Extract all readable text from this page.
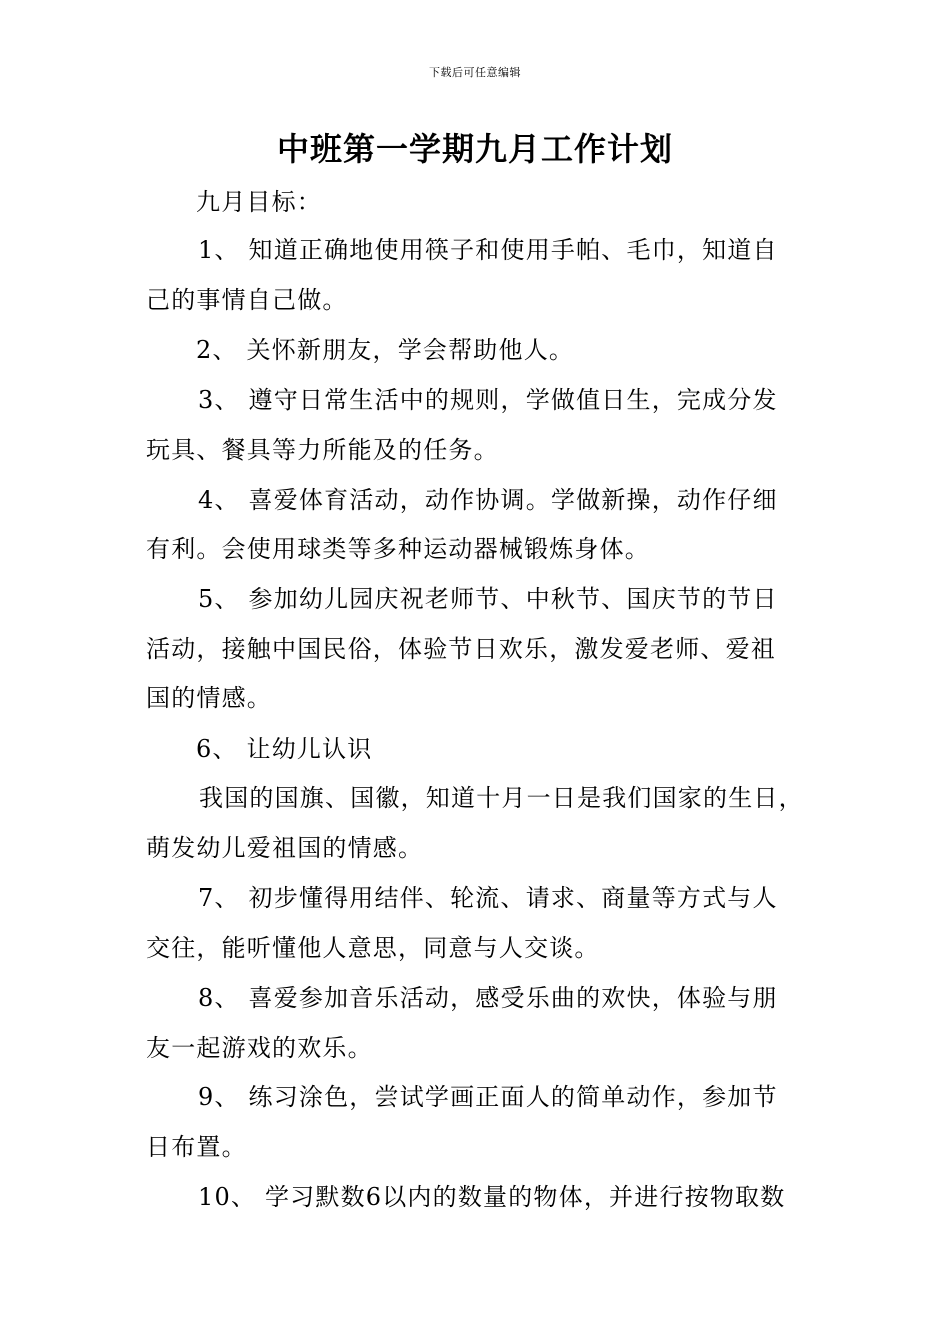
下载后可任意编辑
中班第一学期九月工作计划
九月目标：
1、 知道正确地使用筷子和使用手帕、毛巾，知道自
己的事情自己做。
2、 关怀新朋友，学会帮助他人。
3、 遵守日常生活中的规则，学做值日生，完成分发
玩具、餐具等力所能及的任务。
4、 喜爱体育活动，动作协调。学做新操，动作仔细
有利。会使用球类等多种运动器械锻炼身体。
5、 参加幼儿园庆祝老师节、中秋节、国庆节的节日
活动，接触中国民俗，体验节日欢乐，激发爱老师、爱祖
国的情感。
6、 让幼儿认识
我国的国旗、国徽，知道十月一日是我们国家的生日，
萌发幼儿爱祖国的情感。
7、 初步懂得用结伴、轮流、请求、商量等方式与人
交往，能听懂他人意思，同意与人交谈。
8、 喜爱参加音乐活动，感受乐曲的欢快，体验与朋
友一起游戏的欢乐。
9、 练习涂色，尝试学画正面人的简单动作，参加节
日布置。
10、 学习默数6以内的数量的物体，并进行按物取数
